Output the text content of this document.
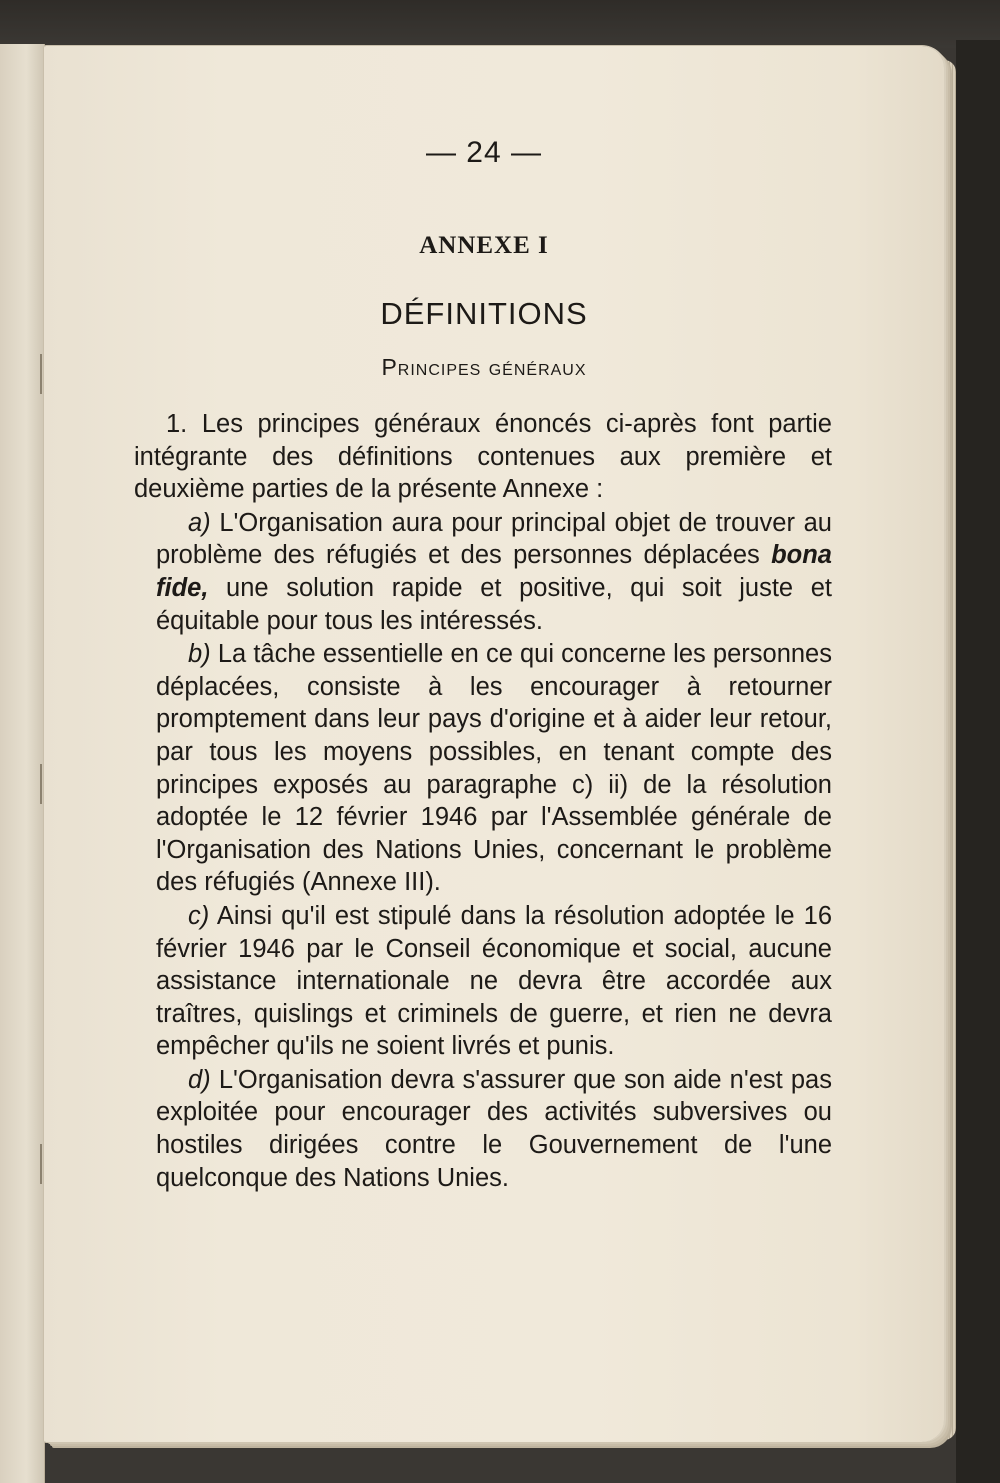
— 24 —
ANNEXE I
DÉFINITIONS
Principes généraux

1. Les principes généraux énoncés ci-après font partie intégrante des définitions contenues aux première et deuxième parties de la présente Annexe :

a) L'Organisation aura pour principal objet de trouver au problème des réfugiés et des personnes déplacées bona fide, une solution rapide et positive, qui soit juste et équitable pour tous les intéressés.

b) La tâche essentielle en ce qui concerne les personnes déplacées, consiste à les encourager à retourner promptement dans leur pays d'origine et à aider leur retour, par tous les moyens possibles, en tenant compte des principes exposés au paragraphe c) ii) de la résolution adoptée le 12 février 1946 par l'Assemblée générale de l'Organisation des Nations Unies, concernant le problème des réfugiés (Annexe III).

c) Ainsi qu'il est stipulé dans la résolution adoptée le 16 février 1946 par le Conseil économique et social, aucune assistance internationale ne devra être accordée aux traîtres, quislings et criminels de guerre, et rien ne devra empêcher qu'ils ne soient livrés et punis.

d) L'Organisation devra s'assurer que son aide n'est pas exploitée pour encourager des activités subversives ou hostiles dirigées contre le Gouvernement de l'une quelconque des Nations Unies.
